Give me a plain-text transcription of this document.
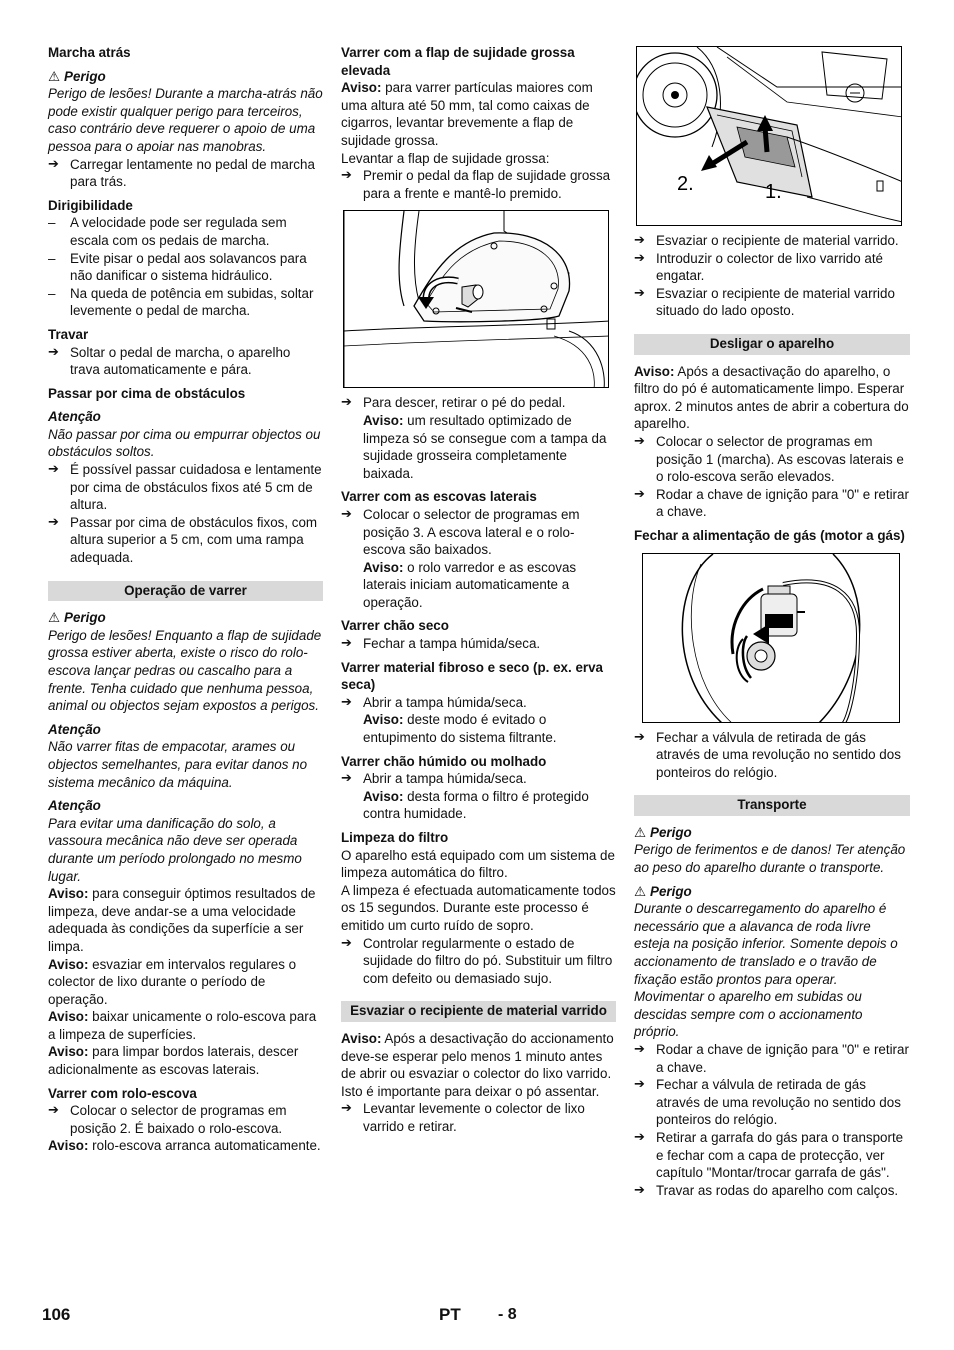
Marcha atrás
⚠ Perigo
Perigo de lesões! Durante a marcha-atrás não pode existir qualquer perigo para terceiros, caso contrário deve requerer o apoio de uma pessoa para o apoiar nas manobras.
➔ Carregar lentamente no pedal de marcha para trás.
Dirigibilidade
– A velocidade pode ser regulada sem escala com os pedais de marcha.
– Evite pisar o pedal aos solavancos para não danificar o sistema hidráulico.
– Na queda de potência em subidas, soltar levemente o pedal de marcha.
Travar
➔ Soltar o pedal de marcha, o aparelho trava automaticamente e pára.
Passar por cima de obstáculos
Atenção
Não passar por cima ou empurrar objectos ou obstáculos soltos.
➔ É possível passar cuidadosa e lentamente por cima de obstáculos fixos até 5 cm de altura.
➔ Passar por cima de obstáculos fixos, com altura superior a 5 cm, com uma rampa adequada.
Operação de varrer
⚠ Perigo
Perigo de lesões! Enquanto a flap de sujidade grossa estiver aberta, existe o risco do rolo-escova lançar pedras ou cascalho para a frente. Tenha cuidado que nenhuma pessoa, animal ou objectos sejam expostos a perigos.
Atenção
Não varrer fitas de empacotar, arames ou objectos semelhantes, para evitar danos no sistema mecânico da máquina.
Atenção
Para evitar uma danificação do solo, a vassoura mecânica não deve ser operada durante um período prolongado no mesmo lugar.
Aviso: para conseguir óptimos resultados de limpeza, deve andar-se a uma velocidade adequada às condições da superfície a ser limpa.
Aviso: esvaziar em intervalos regulares o colector de lixo durante o período de operação.
Aviso: baixar unicamente o rolo-escova para a limpeza de superfícies.
Aviso: para limpar bordos laterais, descer adicionalmente as escovas laterais.
Varrer com rolo-escova
➔ Colocar o selector de programas em posição 2. É baixado o rolo-escova.
Aviso: rolo-escova arranca automaticamente.
Varrer com a flap de sujidade grossa elevada
Aviso: para varrer partículas maiores com uma altura até 50 mm, tal como caixas de cigarros, levantar brevemente a flap de sujidade grossa.
Levantar a flap de sujidade grossa:
➔ Premir o pedal da flap de sujidade grossa para a frente e mantê-lo premido.
➔ Para descer, retirar o pé do pedal.
Aviso: um resultado optimizado de limpeza só se consegue com a tampa da sujidade grosseira completamente baixada.
Varrer com as escovas laterais
➔ Colocar o selector de programas em posição 3. A escova lateral e o rolo-escova são baixados.
Aviso: o rolo varredor e as escovas laterais iniciam automaticamente a operação.
Varrer chão seco
➔ Fechar a tampa húmida/seca.
Varrer material fibroso e seco (p. ex. erva seca)
➔ Abrir a tampa húmida/seca.
Aviso: deste modo é evitado o entupimento do sistema filtrante.
Varrer chão húmido ou molhado
➔ Abrir a tampa húmida/seca.
Aviso: desta forma o filtro é protegido contra humidade.
Limpeza do filtro
O aparelho está equipado com um sistema de limpeza automática do filtro.
A limpeza é efectuada automaticamente todos os 15 segundos. Durante este processo é emitido um curto ruído de sopro.
➔ Controlar regularmente o estado de sujidade do filtro do pó. Substituir um filtro com defeito ou demasiado sujo.
Esvaziar o recipiente de material varrido
Aviso: Após a desactivação do accionamento deve-se esperar pelo menos 1 minuto antes de abrir ou esvaziar o colector do lixo varrido. Isto é importante para deixar o pó assentar.
➔ Levantar levemente o colector de lixo varrido e retirar.
2.	1.
➔ Esvaziar o recipiente de material varrido.
➔ Introduzir o colector de lixo varrido até engatar.
➔ Esvaziar o recipiente de material varrido situado do lado oposto.
Desligar o aparelho
Aviso: Após a desactivação do aparelho, o filtro do pó é automaticamente limpo. Esperar aprox. 2 minutos antes de abrir a cobertura do aparelho.
➔ Colocar o selector de programas em posição 1 (marcha). As escovas laterais e o rolo-escova serão elevados.
➔ Rodar a chave de ignição para "0" e retirar a chave.
Fechar a alimentação de gás (motor a gás)
➔ Fechar a válvula de retirada de gás através de uma revolução no sentido dos ponteiros do relógio.
Transporte
⚠ Perigo
Perigo de ferimentos e de danos! Ter atenção ao peso do aparelho durante o transporte.
⚠ Perigo
Durante o descarregamento do aparelho é necessário que a alavanca de roda livre esteja na posição inferior. Somente depois o accionamento de translado e o travão de fixação estão prontos para operar. Movimentar o aparelho em subidas ou descidas sempre com o accionamento próprio.
➔ Rodar a chave de ignição para "0" e retirar a chave.
➔ Fechar a válvula de retirada de gás através de uma revolução no sentido dos ponteiros do relógio.
➔ Retirar a garrafa do gás para o transporte e fechar com a capa de protecção, ver capítulo "Montar/trocar garrafa de gás".
➔ Travar as rodas do aparelho com calços.
106	PT - 8
